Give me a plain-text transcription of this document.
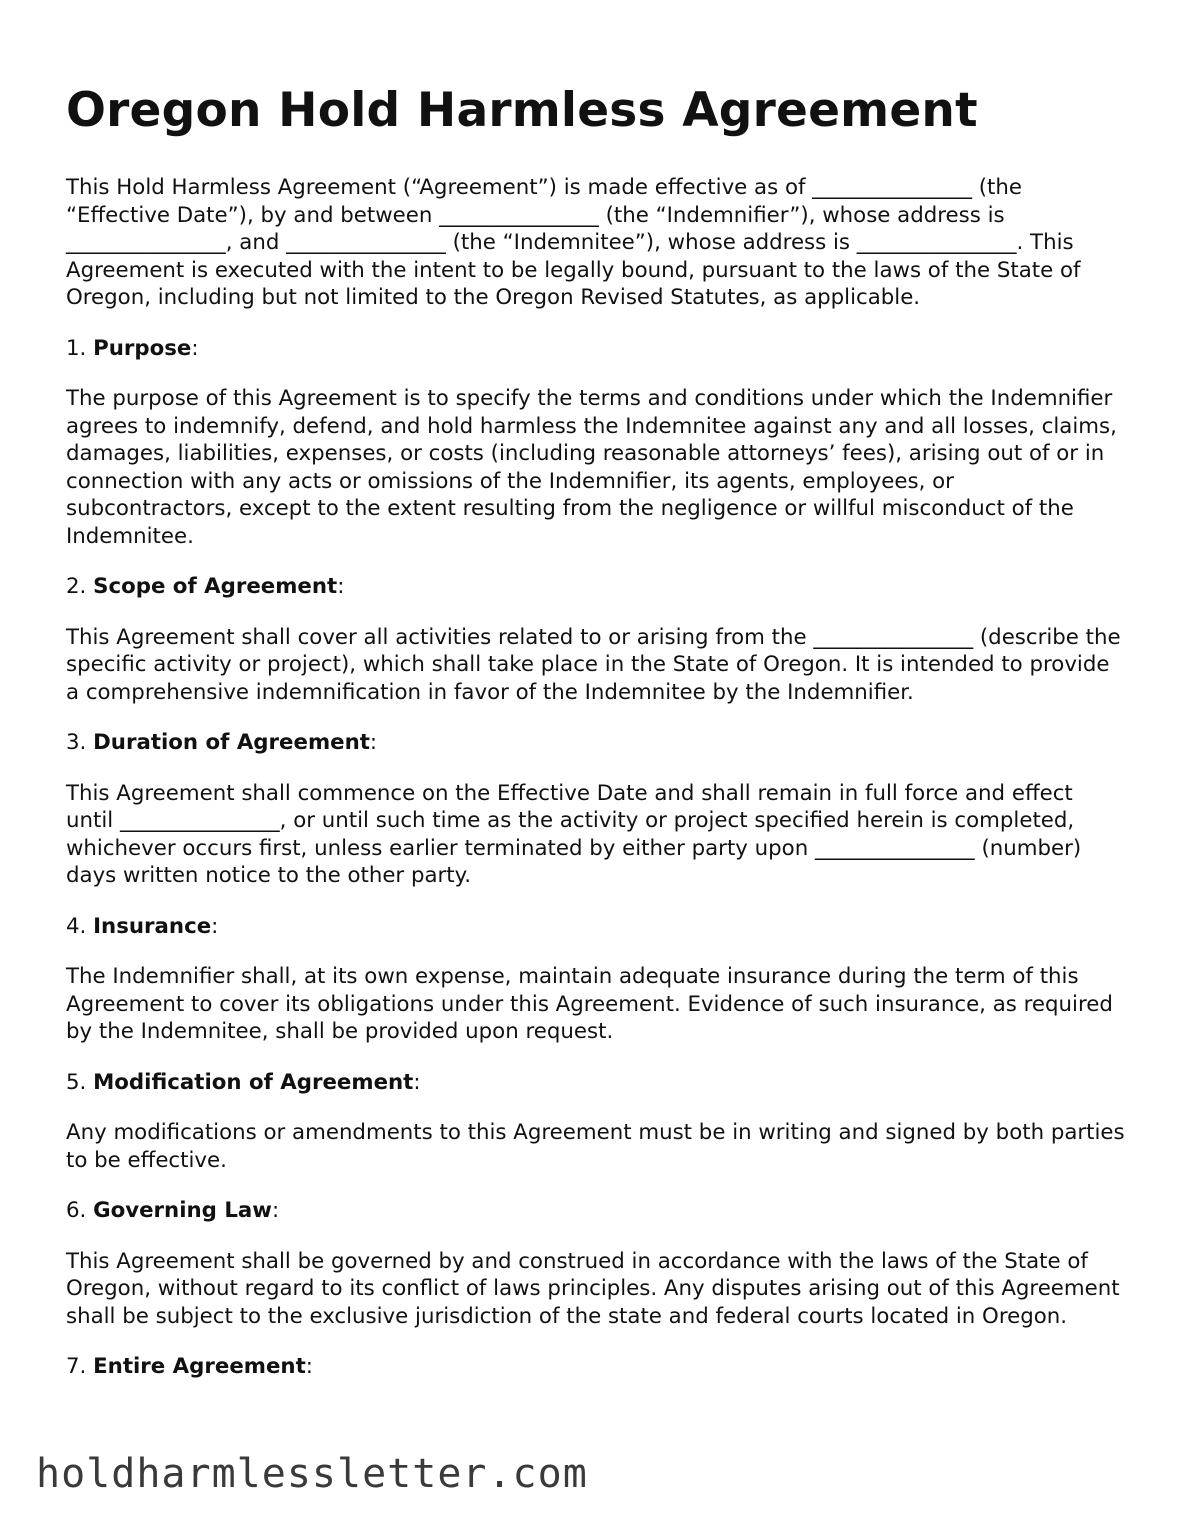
Oregon Hold Harmless Agreement

This Hold Harmless Agreement (“Agreement”) is made effective as of _______________ (the “Effective Date”), by and between _______________ (the “Indemnifier”), whose address is _______________, and _______________ (the “Indemnitee”), whose address is _______________. This Agreement is executed with the intent to be legally bound, pursuant to the laws of the State of Oregon, including but not limited to the Oregon Revised Statutes, as applicable.

1. Purpose:

The purpose of this Agreement is to specify the terms and conditions under which the Indemnifier agrees to indemnify, defend, and hold harmless the Indemnitee against any and all losses, claims, damages, liabilities, expenses, or costs (including reasonable attorneys’ fees), arising out of or in connection with any acts or omissions of the Indemnifier, its agents, employees, or subcontractors, except to the extent resulting from the negligence or willful misconduct of the Indemnitee.

2. Scope of Agreement:

This Agreement shall cover all activities related to or arising from the _______________ (describe the specific activity or project), which shall take place in the State of Oregon. It is intended to provide a comprehensive indemnification in favor of the Indemnitee by the Indemnifier.

3. Duration of Agreement:

This Agreement shall commence on the Effective Date and shall remain in full force and effect until _______________, or until such time as the activity or project specified herein is completed, whichever occurs first, unless earlier terminated by either party upon _______________ (number) days written notice to the other party.

4. Insurance:

The Indemnifier shall, at its own expense, maintain adequate insurance during the term of this Agreement to cover its obligations under this Agreement. Evidence of such insurance, as required by the Indemnitee, shall be provided upon request.

5. Modification of Agreement:

Any modifications or amendments to this Agreement must be in writing and signed by both parties to be effective.

6. Governing Law:

This Agreement shall be governed by and construed in accordance with the laws of the State of Oregon, without regard to its conflict of laws principles. Any disputes arising out of this Agreement shall be subject to the exclusive jurisdiction of the state and federal courts located in Oregon.

7. Entire Agreement:
holdharmlessletter.com
